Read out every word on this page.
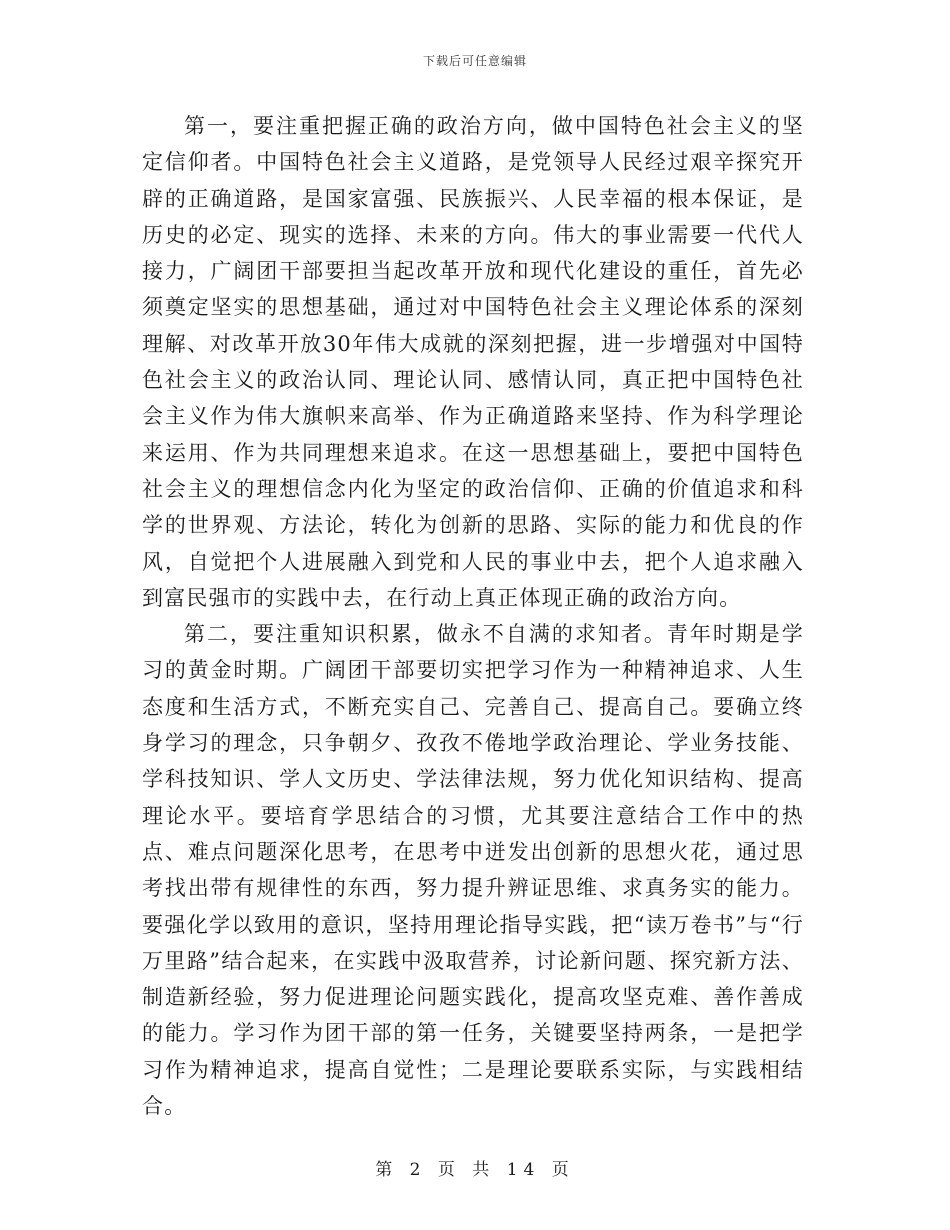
下载后可任意编辑

第一，要注重把握正确的政治方向，做中国特色社会主义的坚定信仰者。中国特色社会主义道路，是党领导人民经过艰辛探究开辟的正确道路，是国家富强、民族振兴、人民幸福的根本保证，是历史的必定、现实的选择、未来的方向。伟大的事业需要一代代人接力，广阔团干部要担当起改革开放和现代化建设的重任，首先必须奠定坚实的思想基础，通过对中国特色社会主义理论体系的深刻理解、对改革开放30年伟大成就的深刻把握，进一步增强对中国特色社会主义的政治认同、理论认同、感情认同，真正把中国特色社会主义作为伟大旗帜来高举、作为正确道路来坚持、作为科学理论来运用、作为共同理想来追求。在这一思想基础上，要把中国特色社会主义的理想信念内化为坚定的政治信仰、正确的价值追求和科学的世界观、方法论，转化为创新的思路、实际的能力和优良的作风，自觉把个人进展融入到党和人民的事业中去，把个人追求融入到富民强市的实践中去，在行动上真正体现正确的政治方向。

第二，要注重知识积累，做永不自满的求知者。青年时期是学习的黄金时期。广阔团干部要切实把学习作为一种精神追求、人生态度和生活方式，不断充实自己、完善自己、提高自己。要确立终身学习的理念，只争朝夕、孜孜不倦地学政治理论、学业务技能、学科技知识、学人文历史、学法律法规，努力优化知识结构、提高理论水平。要培育学思结合的习惯，尤其要注意结合工作中的热点、难点问题深化思考，在思考中迸发出创新的思想火花，通过思考找出带有规律性的东西，努力提升辨证思维、求真务实的能力。要强化学以致用的意识，坚持用理论指导实践，把“读万卷书”与“行万里路”结合起来，在实践中汲取营养，讨论新问题、探究新方法、制造新经验，努力促进理论问题实践化，提高攻坚克难、善作善成的能力。学习作为团干部的第一任务，关键要坚持两条，一是把学习作为精神追求，提高自觉性；二是理论要联系实际，与实践相结合。

第 2 页 共 14 页
